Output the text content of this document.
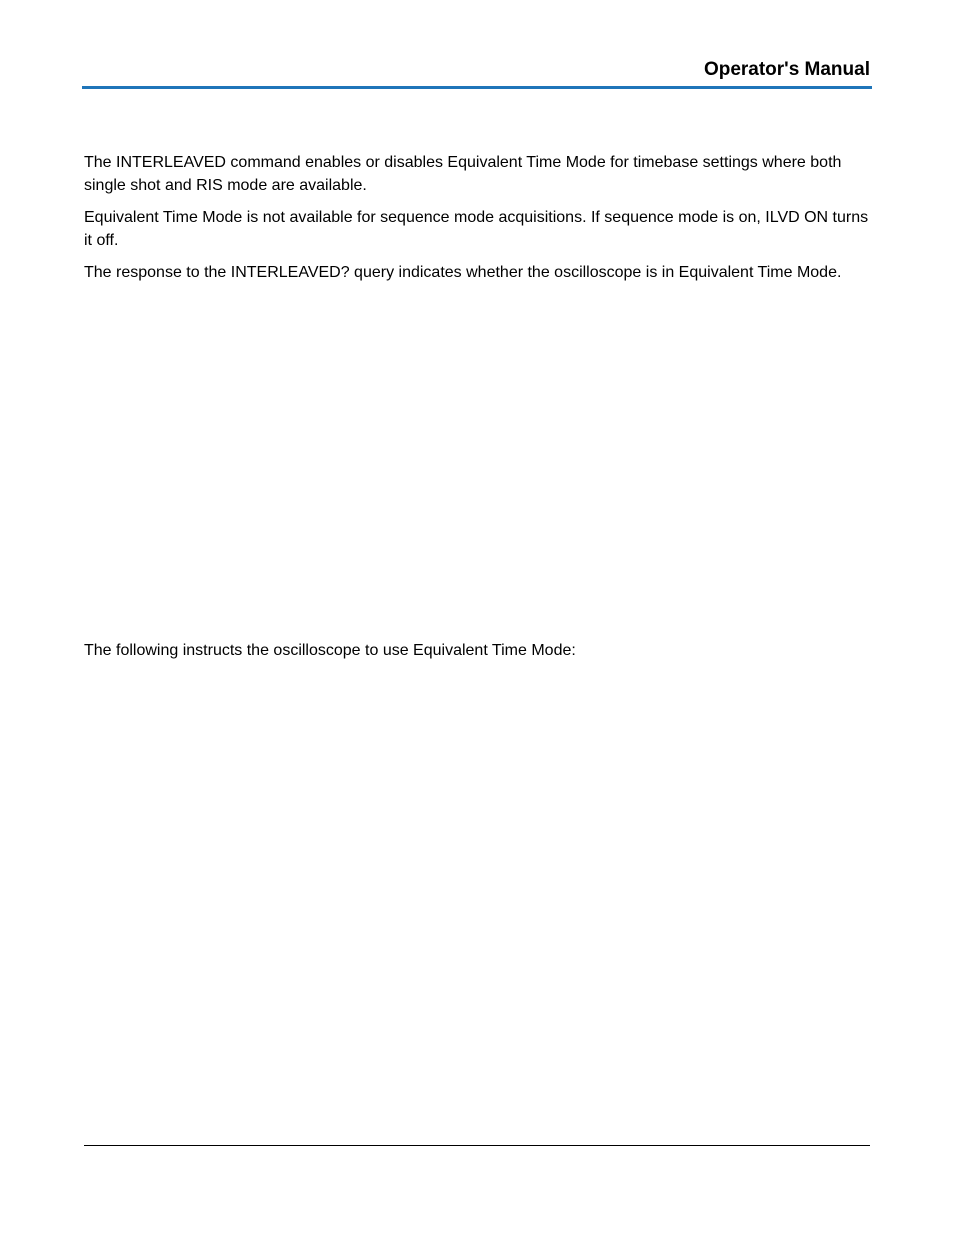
Operator's Manual

The INTERLEAVED command enables or disables Equivalent Time Mode for timebase settings where both single shot and RIS mode are available.

Equivalent Time Mode is not available for sequence mode acquisitions. If sequence mode is on, ILVD ON turns it off.

The response to the INTERLEAVED? query indicates whether the oscilloscope is in Equivalent Time Mode.

The following instructs the oscilloscope to use Equivalent Time Mode:
